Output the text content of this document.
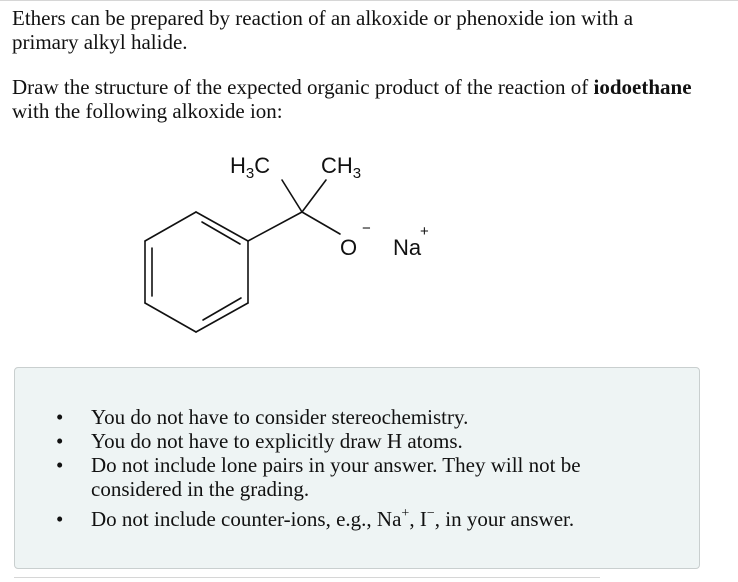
Ethers can be prepared by reaction of an alkoxide or phenoxide ion with a primary alkyl halide.

Draw the structure of the expected organic product of the reaction of iodoethane with the following alkoxide ion:

$H_3C$ $CH_3$
O
−
Na
+
•	You do not have to consider stereochemistry.
•	You do not have to explicitly draw H atoms.
•	Do not include lone pairs in your answer. They will not be considered in the grading.
•	Do not include counter-ions, e.g., Na+, I−, in your answer.
